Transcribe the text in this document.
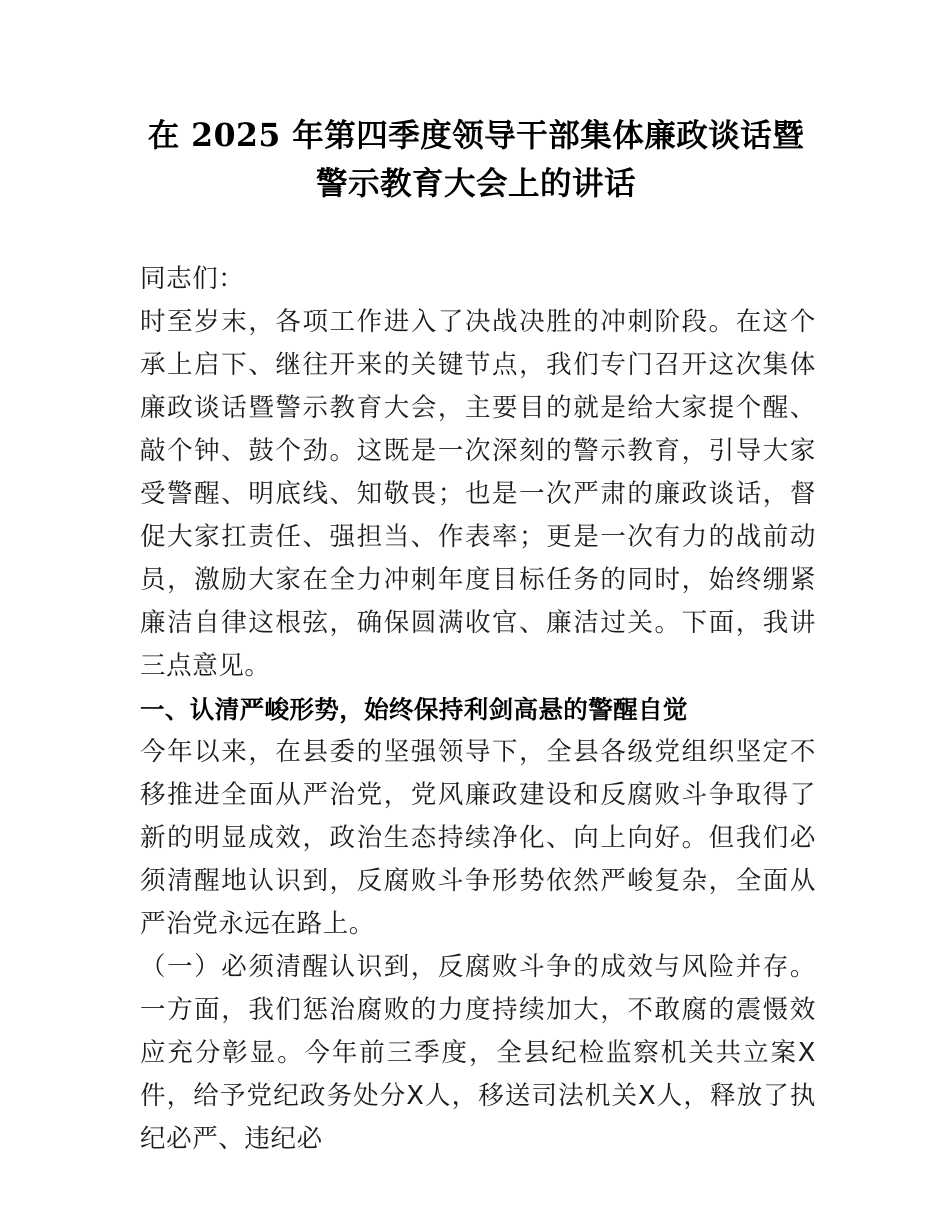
在 2025 年第四季度领导干部集体廉政谈话暨
警示教育大会上的讲话

同志们：

时至岁末，各项工作进入了决战决胜的冲刺阶段。在这个承上启下、继往开来的关键节点，我们专门召开这次集体廉政谈话暨警示教育大会，主要目的就是给大家提个醒、敲个钟、鼓个劲。这既是一次深刻的警示教育，引导大家受警醒、明底线、知敬畏；也是一次严肃的廉政谈话，督促大家扛责任、强担当、作表率；更是一次有力的战前动员，激励大家在全力冲刺年度目标任务的同时，始终绷紧廉洁自律这根弦，确保圆满收官、廉洁过关。下面，我讲三点意见。

一、认清严峻形势，始终保持利剑高悬的警醒自觉

今年以来，在县委的坚强领导下，全县各级党组织坚定不移推进全面从严治党，党风廉政建设和反腐败斗争取得了新的明显成效，政治生态持续净化、向上向好。但我们必须清醒地认识到，反腐败斗争形势依然严峻复杂，全面从严治党永远在路上。

（一）必须清醒认识到，反腐败斗争的成效与风险并存。一方面，我们惩治腐败的力度持续加大，不敢腐的震慑效应充分彰显。今年前三季度，全县纪检监察机关共立案X件，给予党纪政务处分X人，移送司法机关X人，释放了执纪必严、违纪必
